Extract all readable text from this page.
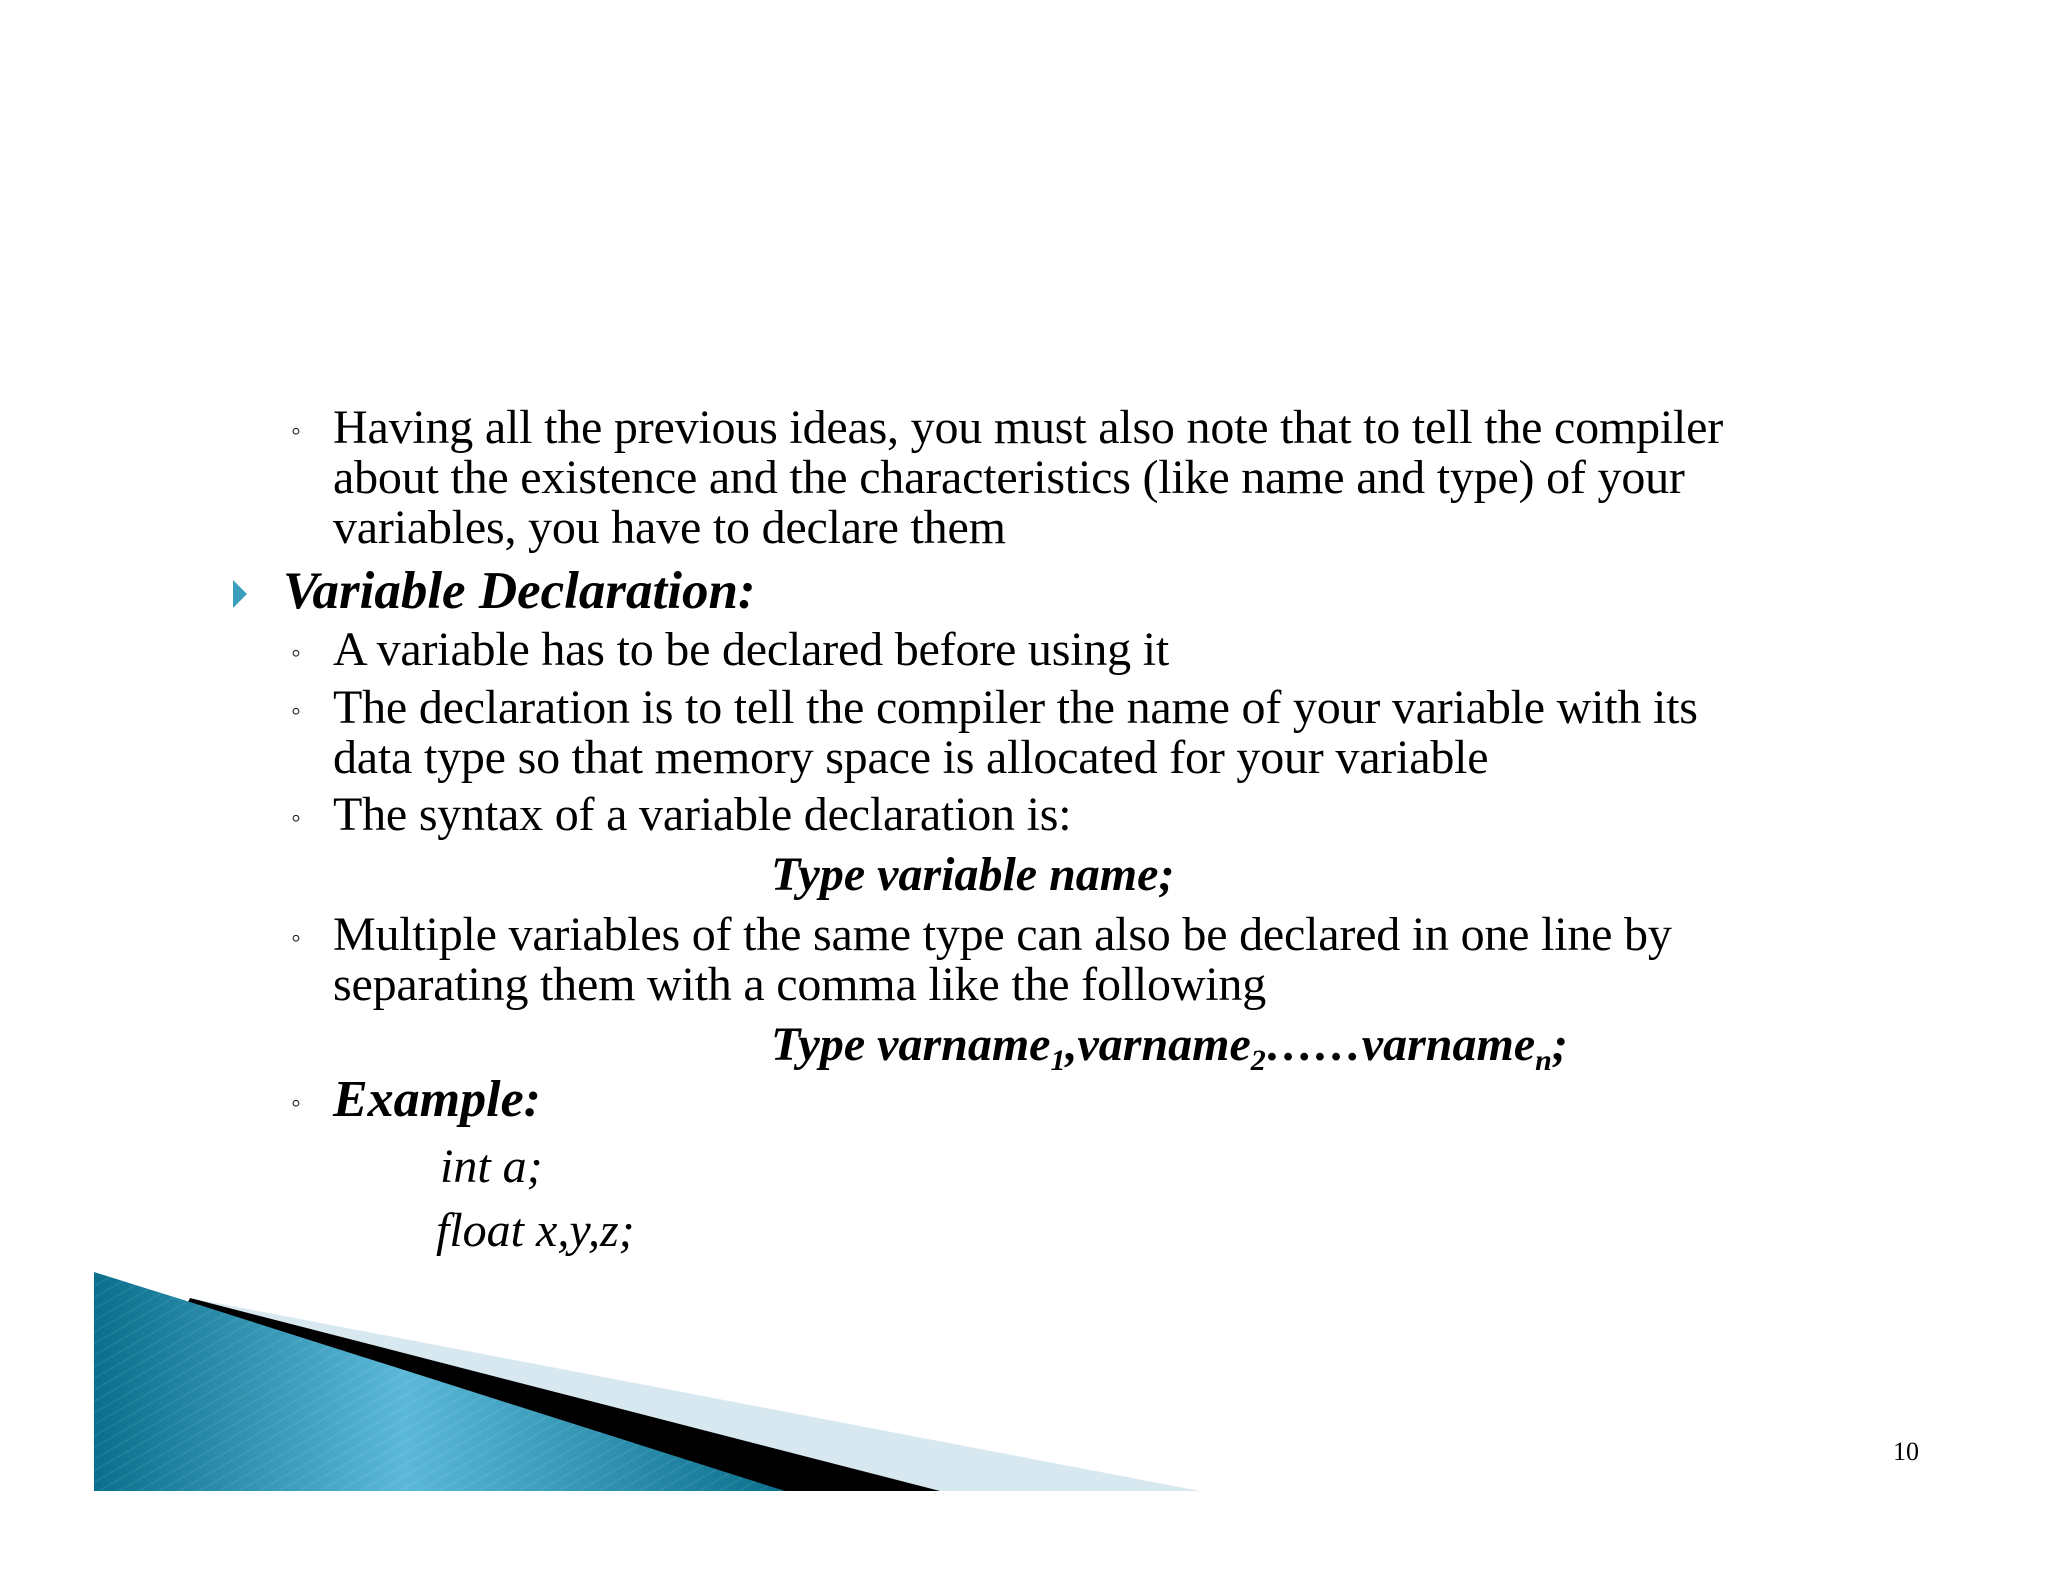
◦ Having all the previous ideas, you must also note that to tell the compiler
about the existence and the characteristics (like name and type) of your
variables, you have to declare them
Variable Declaration:
◦ A variable has to be declared before using it
◦ The declaration is to tell the compiler the name of your variable with its
data type so that memory space is allocated for your variable
◦ The syntax of a variable declaration is:
Type variable name;
◦ Multiple variables of the same type can also be declared in one line by
separating them with a comma like the following
Type varname$_1$,varname$_2$……varname$_n$;
◦ Example:
int a;
float x,y,z;
10
